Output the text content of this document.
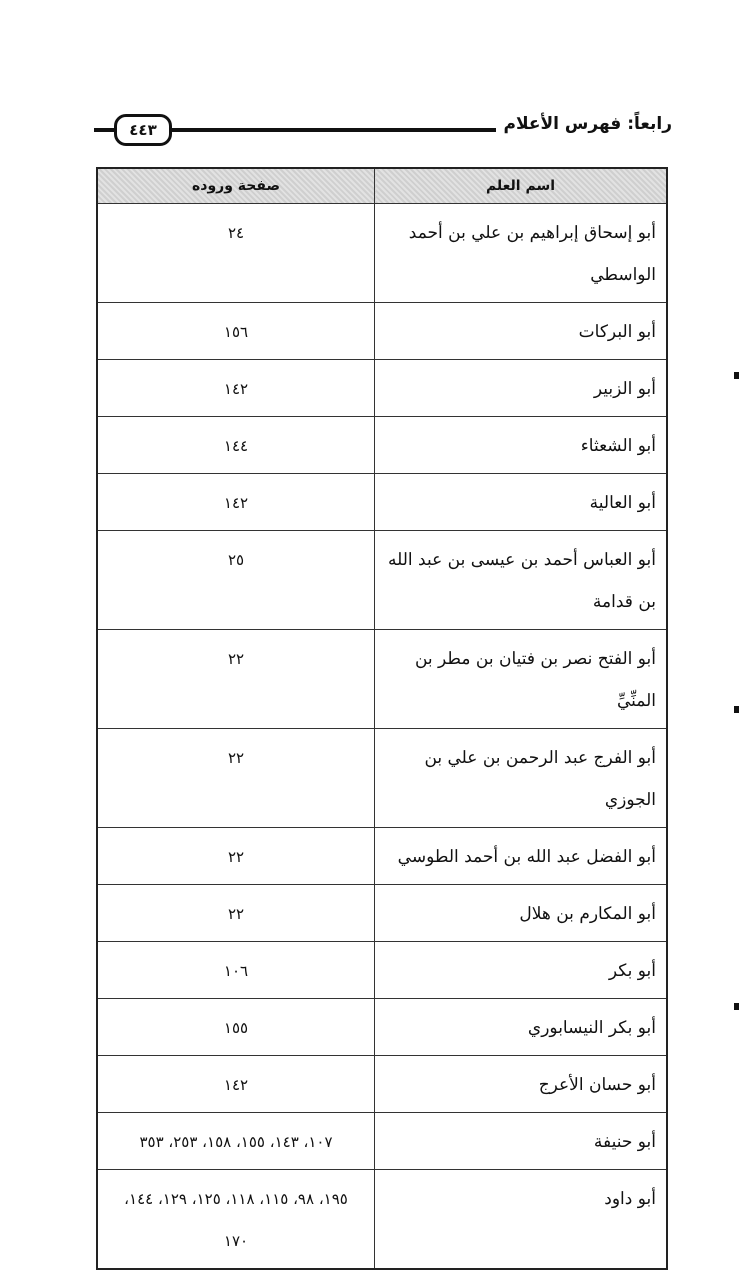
رابعاً: فهرس الأعلام
٤٤٣
اسم العلم	صفحة وروده
أبو إسحاق إبراهيم بن علي بن أحمد الواسطي	٢٤
أبو البركات	١٥٦
أبو الزبير	١٤٢
أبو الشعثاء	١٤٤
أبو العالية	١٤٢
أبو العباس أحمد بن عيسى بن عبد الله بن قدامة	٢٥
أبو الفتح نصر بن فتيان بن مطر بن المنِّيِّ	٢٢
أبو الفرج عبد الرحمن بن علي بن الجوزي	٢٢
أبو الفضل عبد الله بن أحمد الطوسي	٢٢
أبو المكارم بن هلال	٢٢
أبو بكر	١٠٦
أبو بكر النيسابوري	١٥٥
أبو حسان الأعرج	١٤٢
أبو حنيفة	١٠٧، ١٤٣، ١٥٥، ١٥٨، ٢٥٣، ٣٥٣
أبو داود	١٩٥، ٩٨، ١١٥، ١١٨، ١٢٥، ١٢٩، ١٤٤، ١٧٠
